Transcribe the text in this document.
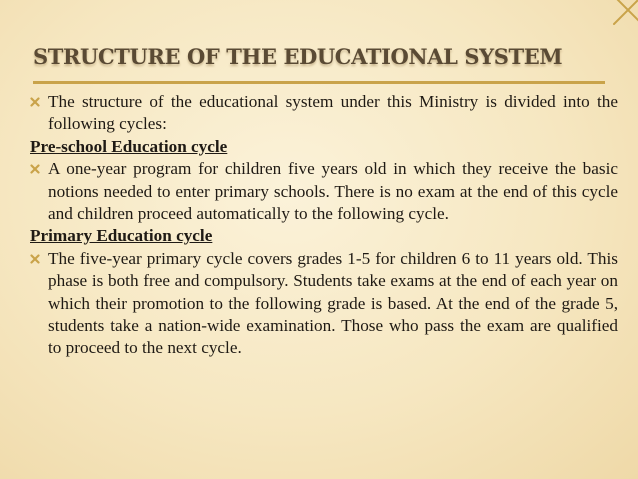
STRUCTURE OF THE EDUCATIONAL SYSTEM
The structure of the educational system under this Ministry is divided into the following cycles:
Pre-school Education cycle
A one-year program for children five years old in which they receive the basic notions needed to enter primary schools. There is no exam at the end of this cycle and children proceed automatically to the following cycle.
Primary Education cycle
The five-year primary cycle covers grades 1-5 for children 6 to 11 years old. This phase is both free and compulsory. Students take exams at the end of each year on which their promotion to the following grade is based. At the end of the grade 5, students take a nation-wide examination. Those who pass the exam are qualified to proceed to the next cycle.
